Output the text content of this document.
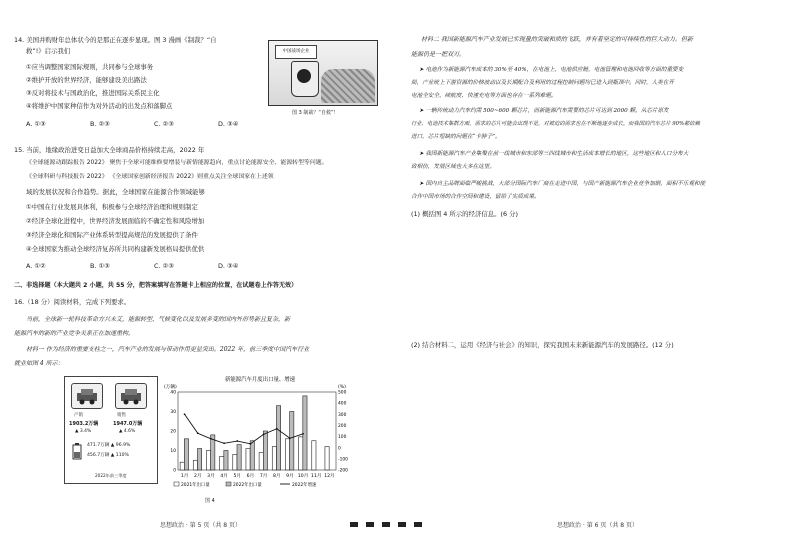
14. 美国并购财年总体状今的是那正在逐步显现。图 3 漫画《制裁？“自
救”!》启示我们
①应当调整国家国际规则，共同参与全球事务
②维护开放的世界经济，能够建设美出路法
③反对将技术与国政治化，推进国际关系民主化
④将维护中国家种信作为对外活动的出发点和落脚点
A. ①③	B. ②③	C. ②③	D. ③④
中国战场企业
图 3 制裁？“自救”！
15. 当前，地缘政治进变日益加大全球商品价格持续走高，2022 年
《全球能源动跟踪报告 2022》 聚焦于全球可能维修要增装与新情能源趋向，重点讨论能源安全、能源转型等问题。
《全球科研与科技报告 2022》 《全球国家创新经济报告 2022》则重点关注全球国家在上述领
域的发展状况和合作趋势。据此，全球国家在能源合作领域能够
①中国在行业发展具体利，积极参与全球经济治理和规则制定
②经济全球化进程中，世界经济发展面临的不确定性和风险增加
③经济全球化和国际产业体系转型提高规范的发展提供了条件
④全球国家为推动全球经济复苏所共同构建新发展格局提供优供
A. ①②	B. ①③	C. ②③	D. ③④
二、非选择题（本大题共 2 小题，共 55 分，把答案填写在答题卡上相应的位置，在试题卷上作答无效）
16.（18 分）阅读材料，完成下列要求。
当前，全球新一轮科技革命方兴未艾，能源转型、气候变化以及发展多变的国内外形势新且复杂，新
能源汽车的新的产业竞争关系正在加速重构。
材料一 作为经济的重要支柱之一，汽车产业的发展与带动作用更显突出。2022 年，前三季度中国汽车行业
就业如图 4 所示：
产销	销售
1903.2万辆
▲ 3.4%
1947.0万辆
▲ 4.6%
471.7万辆 ▲ 96.9%
456.7万辆 ▲ 110%
2022年前三季度
新能源汽车月度出口量、增速
(万辆)	(%)
40
30
20
10
0
500
400
300
200
100
0
-100
-200
1月 2月 3月 4月 5月 6月 7月 8月 9月 10月 11月 12月
2021年出口量	2022年出口量	2022年增速
图 4
思想政治 · 第 5 页（共 8 页）
材料二 我国新能源汽车产业发展已实现量的突破和质的飞跃，并有着坚定的可持续性的巨大动力。但新
能源仍是一把双刃。
➤ 电池作为新能源汽车成本的 30%至 40%，在电池上，电池供应链，电池管理和电池回收等方面的重要变
局，产业统上下游资源的价格波动以及长期配合及利用的过程控制问题均已进入到瓶颈中。同时，人类在开
电池全安全、续航度、快速充电等方面也存在一系列难题。
➤ 一辆传统动力汽车约需 500~600 颗芯片，而新能源汽车需要的芯片可达到 2000 颗。从芯片原发
行业、电池技术集群方面，需求的芯片可能会出现不足，对被迫的需求也在不断地逐步成长。而我国的汽车芯片 90%都依赖
进口，芯片短缺的问题在“卡脖子”。
➤ 我国新能源汽车产业集聚在前一线城市和东部等三四线城市和生活成本增长的地区，这些地区和人口分布大
致相仿，发展区域也大多在这里。
➤ 国内自主品牌面临严峻挑战，大部分国际汽车厂商在走进中国，与国产新能源汽车企业竞争加剧，面积不乐观和使
合作中国市场的合作空间和建设，留给了实质成果。
(1) 概括图 4 所示的经济信息。(6 分)
(2) 结合材料二，运用《经济与社会》的知识，探究我国未来新能源汽车的发展路径。(12 分)
思想政治 · 第 6 页（共 8 页）
